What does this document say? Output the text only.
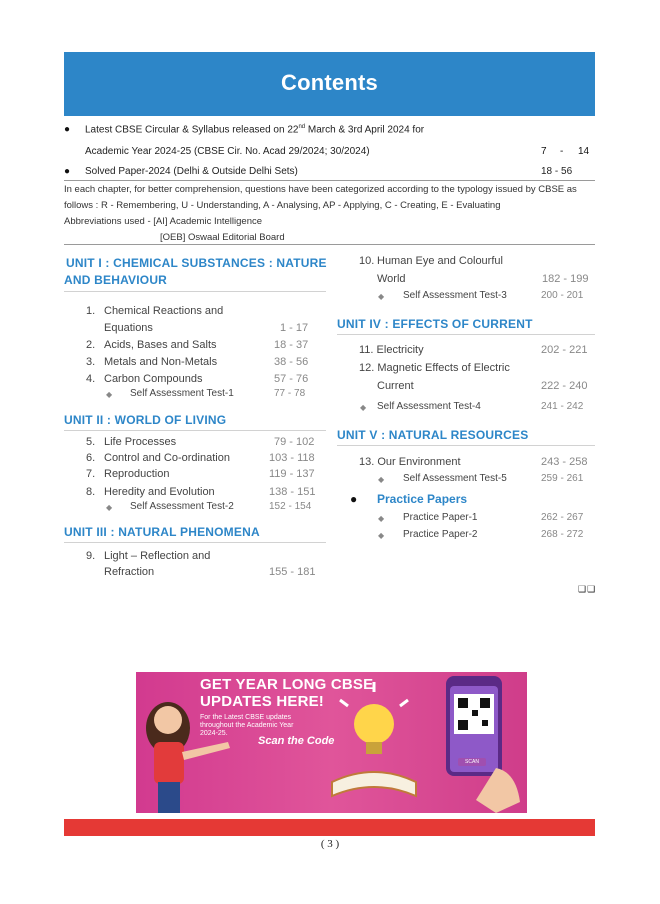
Contents
● Latest CBSE Circular & Syllabus released on 22nd March & 3rd April 2024 for
Academic Year 2024-25 (CBSE Cir. No. Acad 29/2024; 30/2024)	7 - 14
● Solved Paper-2024 (Delhi & Outside Delhi Sets)	18 - 56
In each chapter, for better comprehension, questions have been categorized according to the typology issued by CBSE as follows : R - Remembering, U - Understanding, A - Analysing, AP - Applying, C - Creating, E - Evaluating
Abbreviations used - [AI] Academic Intelligence
[OEB] Oswaal Editorial Board
UNIT I : CHEMICAL SUBSTANCES : NATURE
AND BEHAVIOUR
1. Chemical Reactions and
Equations	1 - 17
2. Acids, Bases and Salts	18 - 37
3. Metals and Non-Metals	38 - 56
4. Carbon Compounds	57 - 76
◆ Self Assessment Test-1	77 - 78
UNIT II : WORLD OF LIVING
5. Life Processes	79 - 102
6. Control and Co-ordination	103 - 118
7. Reproduction	119 - 137
8. Heredity and Evolution	138 - 151
◆ Self Assessment Test-2	152 - 154
UNIT III : NATURAL PHENOMENA
9. Light – Reflection and
Refraction	155 - 181
10. Human Eye and Colourful
World	182 - 199
◆ Self Assessment Test-3	200 - 201
UNIT IV : EFFECTS OF CURRENT
11. Electricity	202 - 221
12. Magnetic Effects of Electric
Current	222 - 240
◆ Self Assessment Test-4	241 - 242
UNIT V : NATURAL RESOURCES
13. Our Environment	243 - 258
◆ Self Assessment Test-5	259 - 261
● Practice Papers
◆ Practice Paper-1	262 - 267
◆ Practice Paper-2	268 - 272
❑❑
GET YEAR LONG CBSE
UPDATES HERE!
For the Latest CBSE updates throughout the Academic Year 2024-25.
Scan the Code
SCAN
( 3 )
